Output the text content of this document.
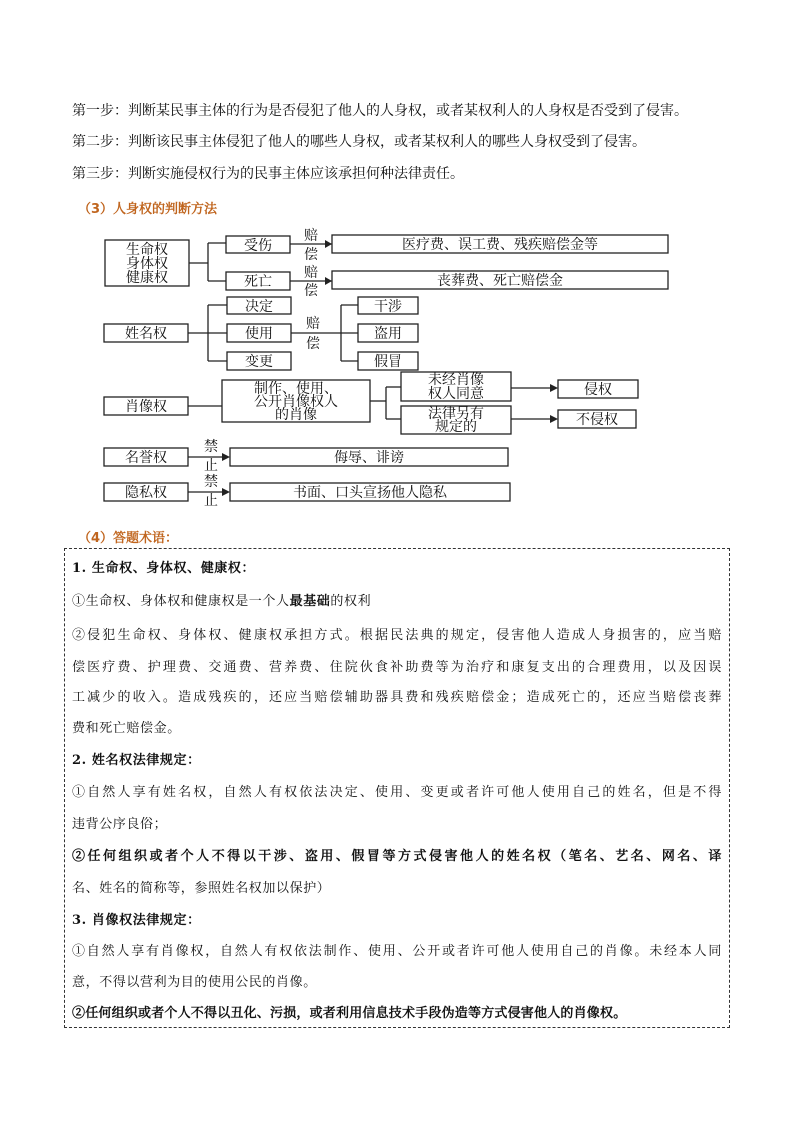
第一步：判断某民事主体的行为是否侵犯了他人的人身权，或者某权利人的人身权是否受到了侵害。
第二步：判断该民事主体侵犯了他人的哪些人身权，或者某权利人的哪些人身权受到了侵害。
第三步：判断实施侵权行为的民事主体应该承担何种法律责任。
（3）人身权的判断方法
生命权
身体权
健康权
受伤
死亡
赔
偿
赔
偿
医疗费、误工费、残疾赔偿金等
丧葬费、死亡赔偿金
姓名权
决定
使用
变更
赔
偿
干涉
盗用
假冒
肖像权
制作、使用、
公开肖像权人
的肖像
未经肖像
权人同意
法律另有
规定的
侵权
不侵权
名誉权
禁
止	侮辱、诽谤
隐私权
禁
止	书面、口头宣扬他人隐私
（4）答题术语：
1. 生命权、身体权、健康权：
①生命权、身体权和健康权是一个人最基础的权利
②侵犯生命权、身体权、健康权承担方式。根据民法典的规定，侵害他人造成人身损害的，应当赔
偿医疗费、护理费、交通费、营养费、住院伙食补助费等为治疗和康复支出的合理费用，以及因误
工减少的收入。造成残疾的，还应当赔偿辅助器具费和残疾赔偿金；造成死亡的，还应当赔偿丧葬
费和死亡赔偿金。
2. 姓名权法律规定：
①自然人享有姓名权，自然人有权依法决定、使用、变更或者许可他人使用自己的姓名，但是不得
违背公序良俗；
②任何组织或者个人不得以干涉、盗用、假冒等方式侵害他人的姓名权（笔名、艺名、网名、译
名、姓名的简称等，参照姓名权加以保护）
3. 肖像权法律规定：
①自然人享有肖像权，自然人有权依法制作、使用、公开或者许可他人使用自己的肖像。未经本人同
意，不得以营利为目的使用公民的肖像。
②任何组织或者个人不得以丑化、污损，或者利用信息技术手段伪造等方式侵害他人的肖像权。
